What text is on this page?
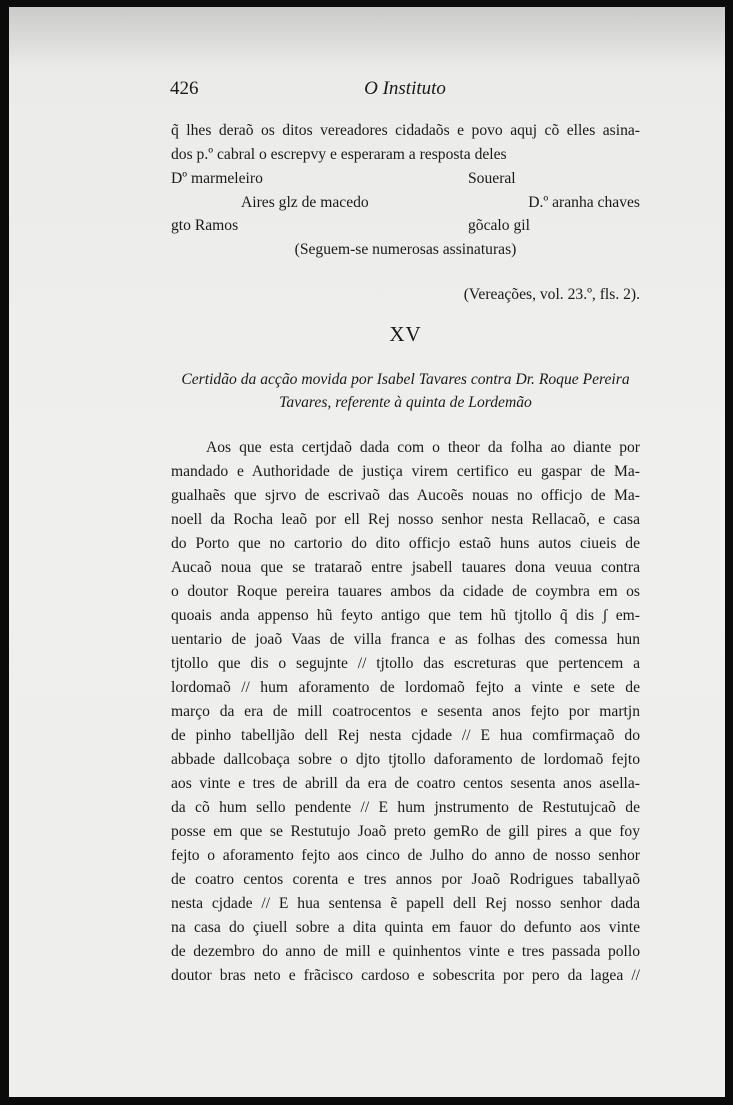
426	O Instituto
q̃ lhes deraõ os ditos vereadores cidadaõs e povo aquj cõ elles asina-
dos p.º cabral o escrepvy e esperaram a resposta deles
Dº marmeleiro	Soueral
Aires glz de macedo	D.º aranha chaves
gto Ramos	gõcalo gil
(Seguem-se numerosas assinaturas)
(Vereações, vol. 23.º, fls. 2).
XV
Certidão da acção movida por Isabel Tavares contra Dr. Roque Pereira
Tavares, referente à quinta de Lordemão
Aos que esta certjdaõ dada com o theor da folha ao diante por
mandado e Authoridade de justiça virem certifico eu gaspar de Ma-
gualhaẽs que sjrvo de escrivaõ das Aucoẽs nouas no officjo de Ma-
noell da Rocha leaõ por ell Rej nosso senhor nesta Rellacaõ, e casa
do Porto que no cartorio do dito officjo estaõ huns autos ciueis de
Aucaõ noua que se trataraõ entre jsabell tauares dona veuua contra
o doutor Roque pereira tauares ambos da cidade de coymbra em os
quoais anda appenso hũ feyto antigo que tem hũ tjtollo q̃ dis ʃ em-
uentario de joaõ Vaas de villa franca e as folhas des comessa hun
tjtollo que dis o segujnte // tjtollo das escreturas que pertencem a
lordomaõ // hum aforamento de lordomaõ fejto a vinte e sete de
março da era de mill coatrocentos e sesenta anos fejto por martjn
de pinho tabelljão dell Rej nesta cjdade // E hua comfirmaçaõ do
abbade dallcobaça sobre o djto tjtollo daforamento de lordomaõ fejto
aos vinte e tres de abrill da era de coatro centos sesenta anos asella-
da cõ hum sello pendente // E hum jnstrumento de Restutujcaõ de
posse em que se Restutujo Joaõ preto gemRo de gill pires a que foy
fejto o aforamento fejto aos cinco de Julho do anno de nosso senhor
de coatro centos corenta e tres annos por Joaõ Rodrigues taballyaõ
nesta cjdade // E hua sentensa ẽ papell dell Rej nosso senhor dada
na casa do çiuell sobre a dita quinta em fauor do defunto aos vinte
de dezembro do anno de mill e quinhentos vinte e tres passada pollo
doutor bras neto e frãcisco cardoso e sobescrita por pero da lagea //
